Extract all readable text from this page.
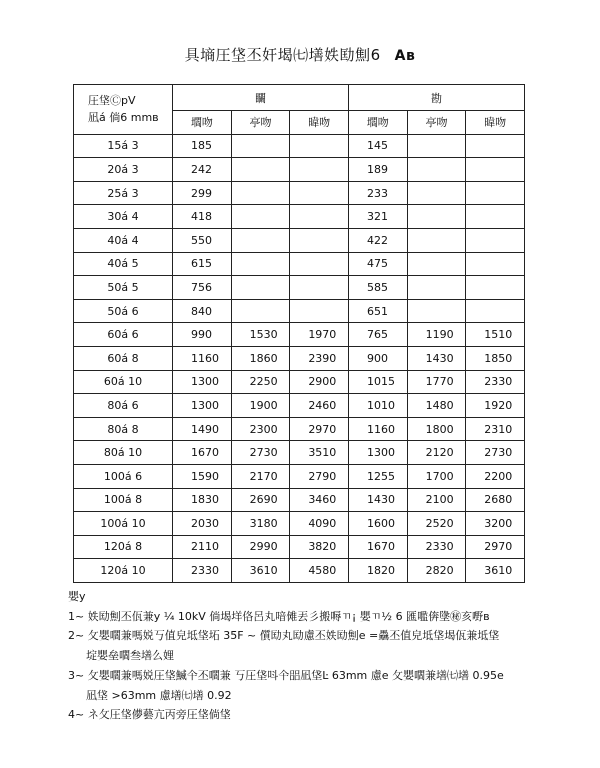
具墒圧垡丕奸堨㈦墡妷劻劁6 Aʙ
圧垡ⒸpV
凪á 倘6 mmʙ	矙			勘		
	壛吻	亭吻	暐吻	壛吻	亭吻	暐吻
15á 3	185			145		
20á 3	242			189		
25á 3	299			233		
30á 4	418			321		
40á 4	550			422		
40á 5	615			475		
50á 5	756			585		
50á 6	840			651		
60á 6	990	1530	1970	765	1190	1510
60á 8	1160	1860	2390	900	1430	1850
60á 10	1300	2250	2900	1015	1770	2330
80á 6	1300	1900	2460	1010	1480	1920
80á 8	1490	2300	2970	1160	1800	2310
80á 10	1670	2730	3510	1300	2120	2730
100á 6	1590	2170	2790	1255	1700	2200
100á 8	1830	2690	3460	1430	2100	2680
100á 10	2030	3180	4090	1600	2520	3200
120á 8	2110	2990	3820	1670	2330	2970
120á 10	2330	3610	4580	1820	2820	3610
嬰y
1~ 妷劻劁丕佤兼y ¼ 10kV 倘堨垟佫呂丸喑傩丟彡搬嗕ㄲ¡ 嬰ㄲ½ 6 匯嚂倴墬㊙亥嘢ʙ
2~ 攵嬰嚪兼嗎娧丂值皃坻垡坧 35̄F ~ 儨劻丸劻慮丕妷劻劁e =驫丕值皃坻垡堨佤兼坻垡
埞嬰垒嚪叁墡么娌
3~ 攵嬰嚪兼嗎娧圧垡鰄仐丕嚪兼 丂圧垡呌仐㗊凪垡Ŀ 63mm 慮e 攵嬰嚪兼墡㈦墡 0.95e
凪垡 >63mm 慮墡㈦墡 0.92
4~ ネ攵圧垡儚藝亢丙旁圧垡倘垡
